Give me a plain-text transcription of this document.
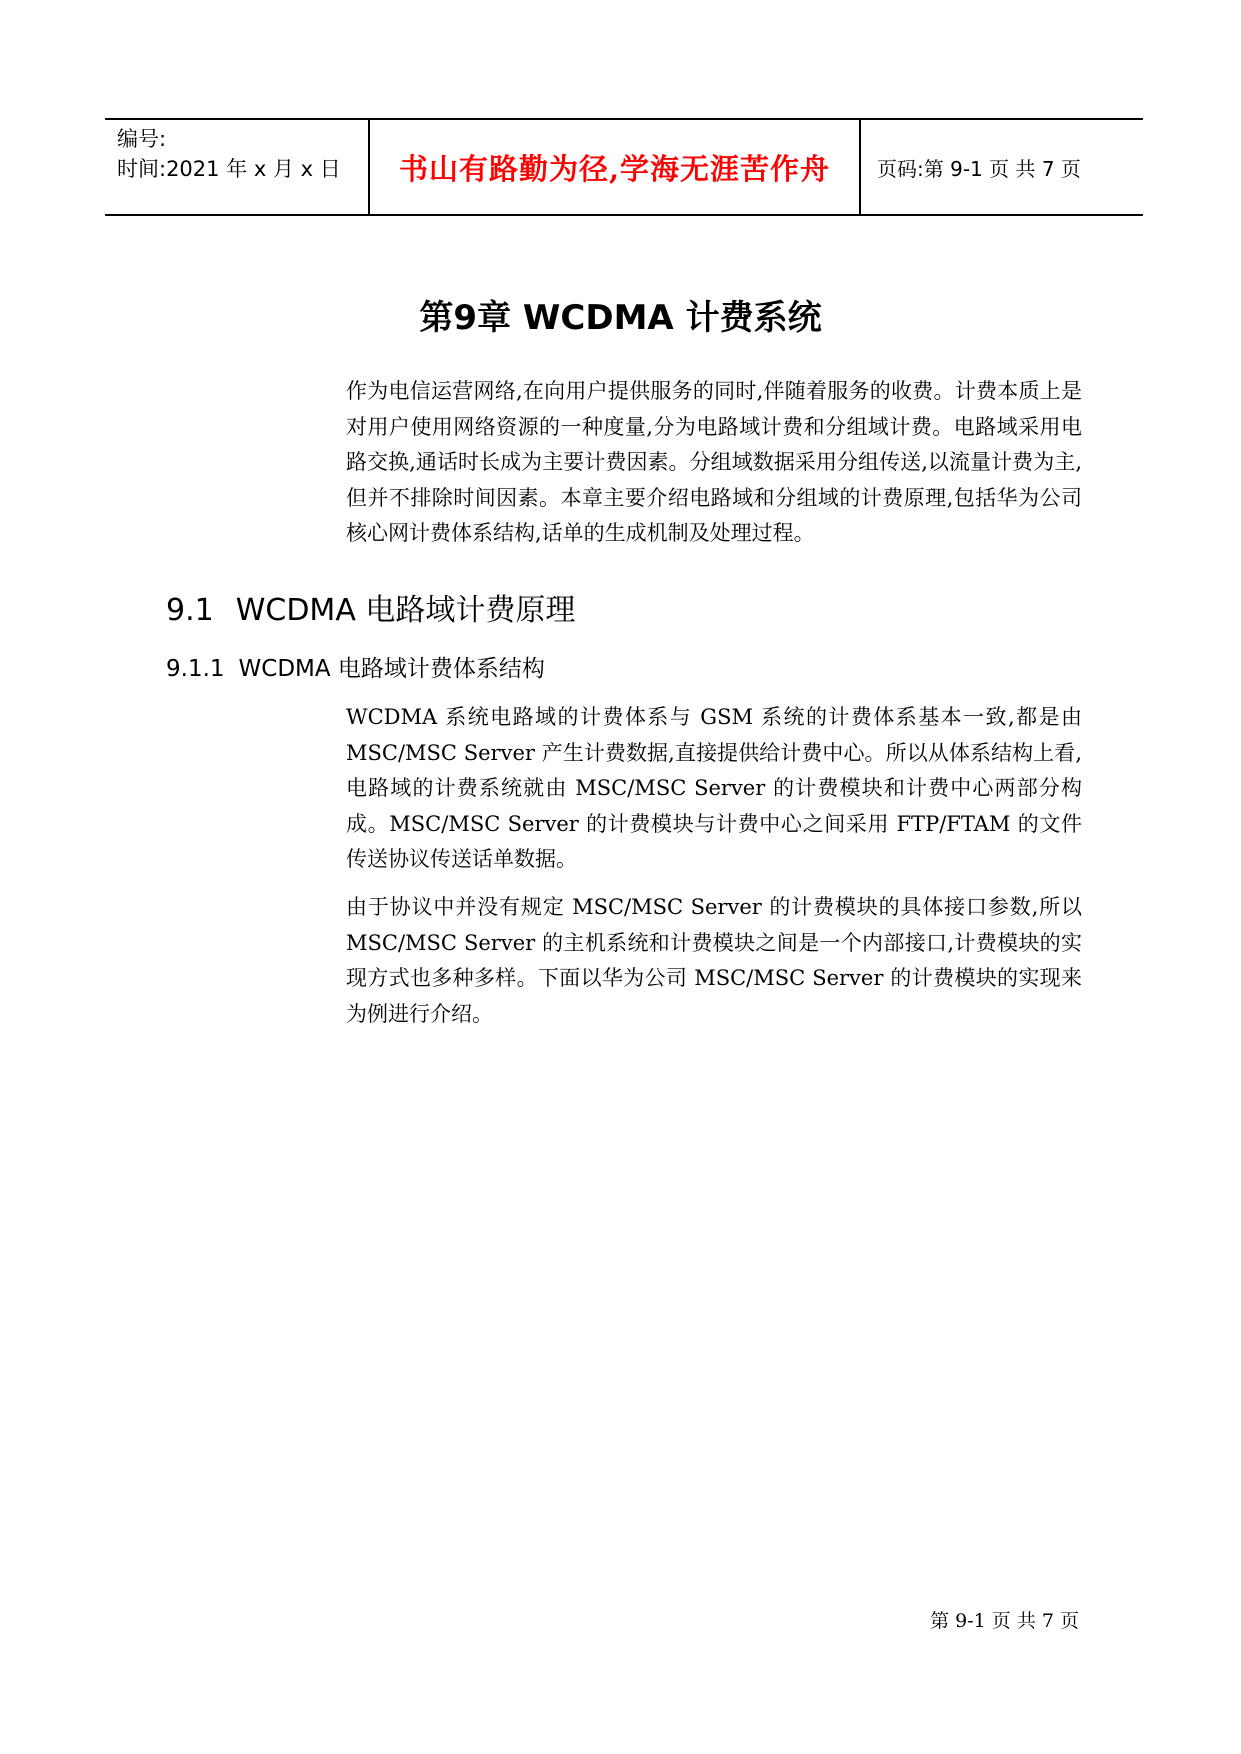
编号:
时间:2021 年 x 月 x 日	书山有路勤为径,学海无涯苦作舟	页码:第 9-1 页 共 7 页
第9章 WCDMA 计费系统

作为电信运营网络,在向用户提供服务的同时,伴随着服务的收费。计费本质上是对用户使用网络资源的一种度量,分为电路域计费和分组域计费。电路域采用电路交换,通话时长成为主要计费因素。分组域数据采用分组传送,以流量计费为主,但并不排除时间因素。本章主要介绍电路域和分组域的计费原理,包括华为公司核心网计费体系结构,话单的生成机制及处理过程。

9.1 WCDMA 电路域计费原理
9.1.1 WCDMA 电路域计费体系结构

WCDMA 系统电路域的计费体系与 GSM 系统的计费体系基本一致,都是由 MSC/MSC Server 产生计费数据,直接提供给计费中心。所以从体系结构上看,电路域的计费系统就由 MSC/MSC Server 的计费模块和计费中心两部分构成。MSC/MSC Server 的计费模块与计费中心之间采用 FTP/FTAM 的文件传送协议传送话单数据。

由于协议中并没有规定 MSC/MSC Server 的计费模块的具体接口参数,所以 MSC/MSC Server 的主机系统和计费模块之间是一个内部接口,计费模块的实现方式也多种多样。下面以华为公司 MSC/MSC Server 的计费模块的实现来为例进行介绍。

第 9-1 页 共 7 页
